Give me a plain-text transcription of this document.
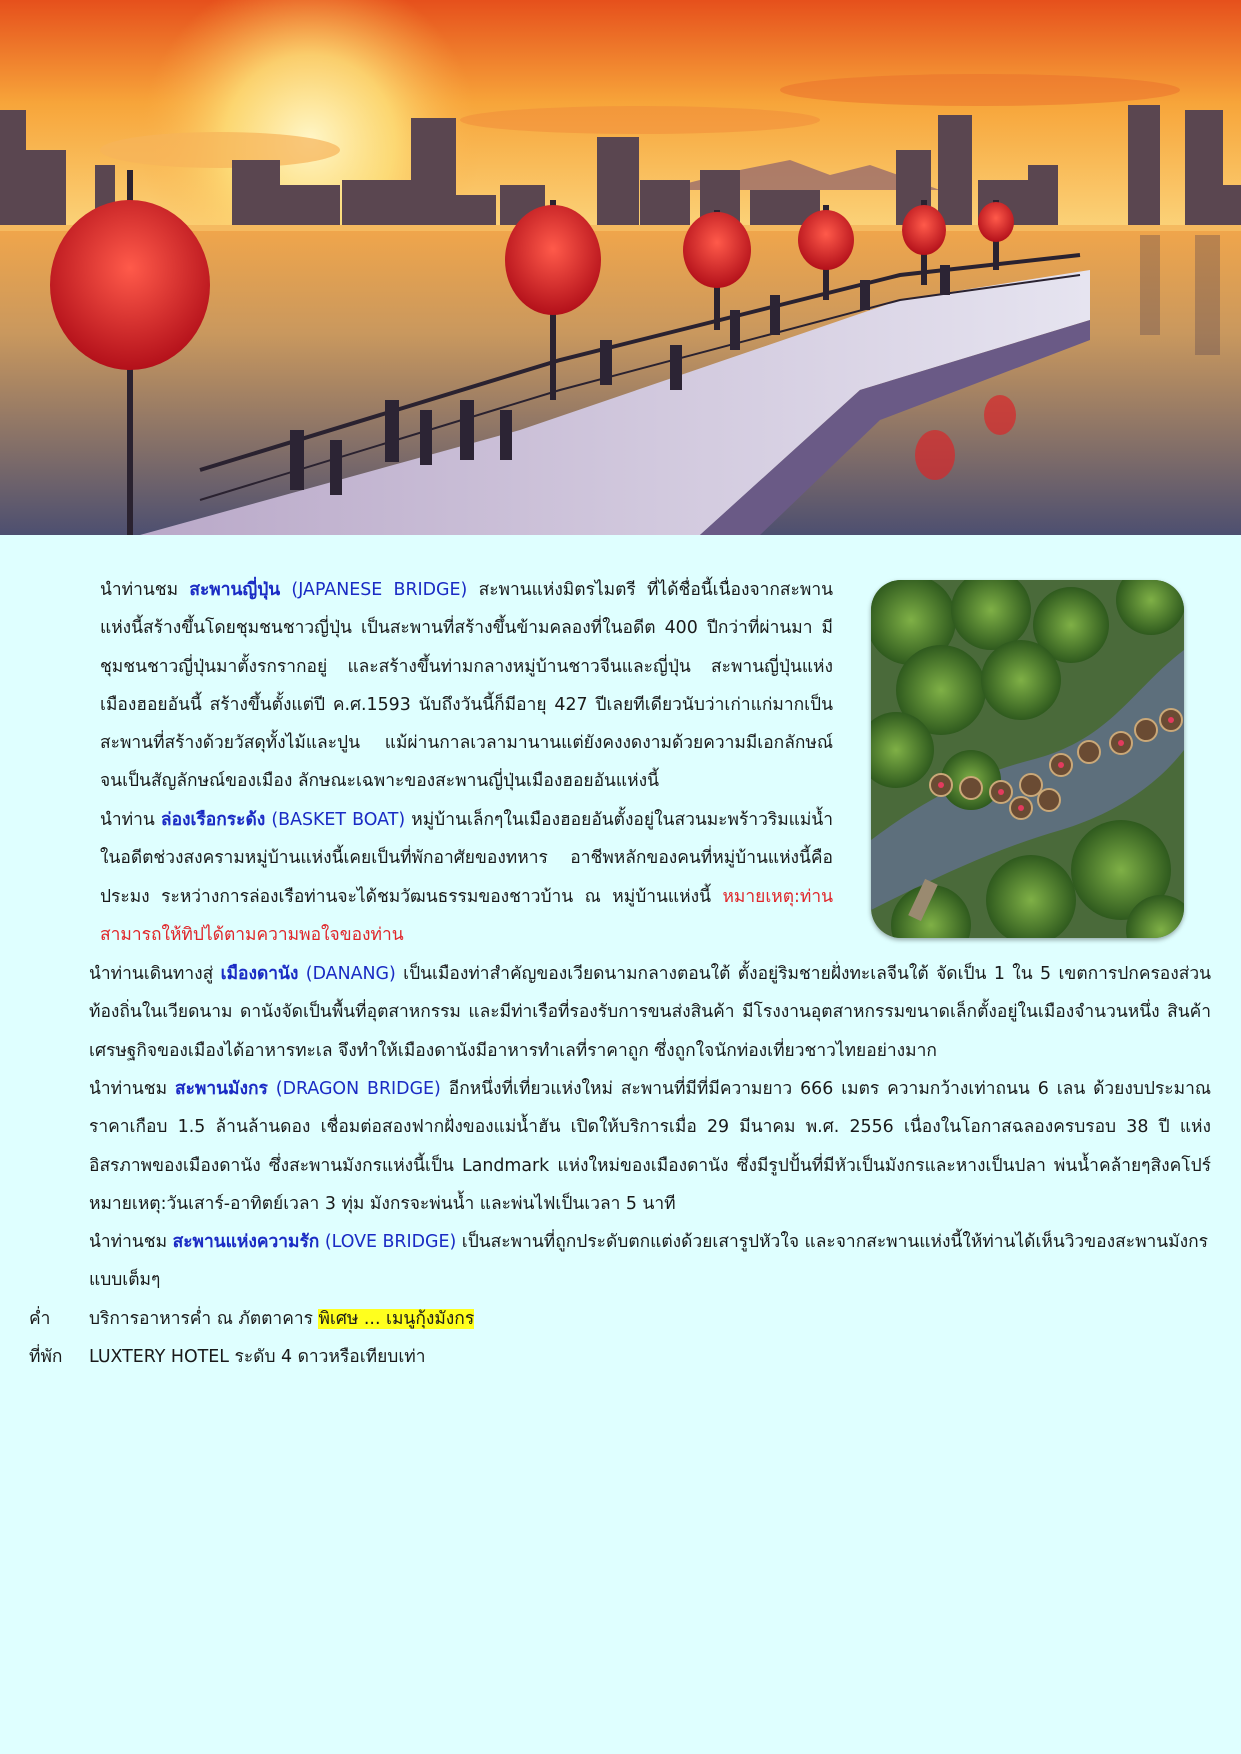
นำท่านชม สะพานญี่ปุ่น (JAPANESE BRIDGE) สะพานแห่งมิตรไมตรี ที่ได้ชื่อนี้เนื่องจากสะพานแห่งนี้สร้างขึ้นโดยชุมชนชาวญี่ปุ่น เป็นสะพานที่สร้างขึ้นข้ามคลองที่ในอดีต 400 ปีกว่าที่ผ่านมา มีชุมชนชาวญี่ปุ่นมาตั้งรกรากอยู่ และสร้างขึ้นท่ามกลางหมู่บ้านชาวจีนและญี่ปุ่น สะพานญี่ปุ่นแห่งเมืองฮอยอันนี้ สร้างขึ้นตั้งแต่ปี ค.ศ.1593 นับถึงวันนี้ก็มีอายุ 427 ปีเลยทีเดียวนับว่าเก่าแก่มากเป็นสะพานที่สร้างด้วยวัสดุทั้งไม้และปูน แม้ผ่านกาลเวลามานานแต่ยังคงงดงามด้วยความมีเอกลักษณ์ จนเป็นสัญลักษณ์ของเมือง ลักษณะเฉพาะของสะพานญี่ปุ่นเมืองฮอยอันแห่งนี้

นำท่าน ล่องเรือกระด้ง (BASKET BOAT) หมู่บ้านเล็กๆในเมืองฮอยอันตั้งอยู่ในสวนมะพร้าวริมแม่น้ำ ในอดีตช่วงสงครามหมู่บ้านแห่งนี้เคยเป็นที่พักอาศัยของทหาร อาชีพหลักของคนที่หมู่บ้านแห่งนี้คือประมง ระหว่างการล่องเรือท่านจะได้ชมวัฒนธรรมของชาวบ้าน ณ หมู่บ้านแห่งนี้ หมายเหตุ:ท่านสามารถให้ทิปได้ตามความพอใจของท่าน

นำท่านเดินทางสู่ เมืองดานัง (DANANG) เป็นเมืองท่าสำคัญของเวียดนามกลางตอนใต้ ตั้งอยู่ริมชายฝั่งทะเลจีนใต้ จัดเป็น 1 ใน 5 เขตการปกครองส่วนท้องถิ่นในเวียดนาม ดานังจัดเป็นพื้นที่อุตสาหกรรม และมีท่าเรือที่รองรับการขนส่งสินค้า มีโรงงานอุตสาหกรรมขนาดเล็กตั้งอยู่ในเมืองจำนวนหนึ่ง สินค้าเศรษฐกิจของเมืองได้อาหารทะเล จึงทำให้เมืองดานังมีอาหารทำเลที่ราคาถูก ซึ่งถูกใจนักท่องเที่ยวชาวไทยอย่างมาก

นำท่านชม สะพานมังกร (DRAGON BRIDGE) อีกหนึ่งที่เที่ยวแห่งใหม่ สะพานที่มีที่มีความยาว 666 เมตร ความกว้างเท่าถนน 6 เลน ด้วยงบประมาณราคาเกือบ 1.5 ล้านล้านดอง เชื่อมต่อสองฟากฝั่งของแม่น้ำฮัน เปิดให้บริการเมื่อ 29 มีนาคม พ.ศ. 2556 เนื่องในโอกาสฉลองครบรอบ 38 ปี แห่งอิสรภาพของเมืองดานัง ซึ่งสะพานมังกรแห่งนี้เป็น Landmark แห่งใหม่ของเมืองดานัง ซึ่งมีรูปปั้นที่มีหัวเป็นมังกรและหางเป็นปลา พ่นน้ำคล้ายๆสิงคโปร์ หมายเหตุ:วันเสาร์-อาทิตย์เวลา 3 ทุ่ม มังกรจะพ่นน้ำ และพ่นไฟเป็นเวลา 5 นาที

นำท่านชม สะพานแห่งความรัก (LOVE BRIDGE) เป็นสะพานที่ถูกประดับตกแต่งด้วยเสารูปหัวใจ และจากสะพานแห่งนี้ให้ท่านได้เห็นวิวของสะพานมังกรแบบเต็มๆ

ค่ำ บริการอาหารค่ำ ณ ภัตตาคาร พิเศษ ... เมนูกุ้งมังกร
ที่พัก LUXTERY HOTEL ระดับ 4 ดาวหรือเทียบเท่า
